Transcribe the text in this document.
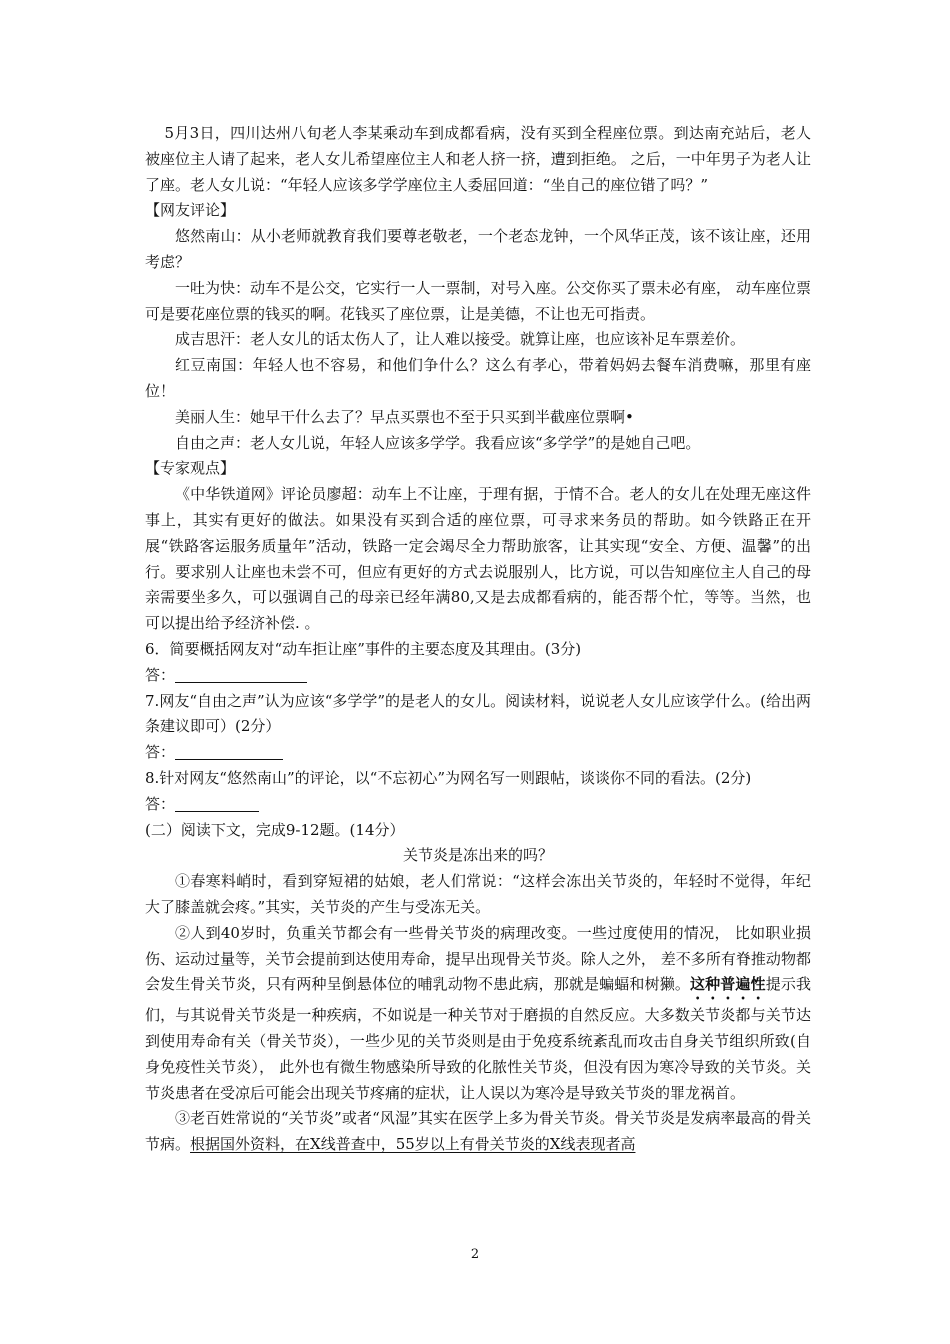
5月3日，四川达州八旬老人李某乘动车到成都看病，没有买到全程座位票。到达南充站后，老人被座位主人请了起来，老人女儿希望座位主人和老人挤一挤，遭到拒绝。 之后，一中年男子为老人让了座。老人女儿说：“年轻人应该多学学座位主人委屈回道：“坐自己的座位错了吗？”

【网友评论】

悠然南山：从小老师就教育我们要尊老敬老，一个老态龙钟，一个风华正茂，该不该让座，还用考虑？

一吐为快：动车不是公交，它实行一人一票制，对号入座。公交你买了票未必有座， 动车座位票可是要花座位票的钱买的啊。花钱买了座位票，让是美德，不让也无可指责。

成吉思汗：老人女儿的话太伤人了，让人难以接受。就算让座，也应该补足车票差价。

红豆南国：年轻人也不容易，和他们争什么？这么有孝心，带着妈妈去餐车消费嘛，那里有座位！

美丽人生：她早干什么去了？早点买票也不至于只买到半截座位票啊•

自由之声：老人女儿说，年轻人应该多学学。我看应该“多学学”的是她自己吧。

【专家观点】

《中华铁道网》评论员廖超：动车上不让座，于理有据，于情不合。老人的女儿在处理无座这件事上，其实有更好的做法。如果没有买到合适的座位票，可寻求来务员的帮助。如今铁路正在开展“铁路客运服务质量年”活动，铁路一定会竭尽全力帮助旅客，让其实现“安全、方便、温馨”的出行。要求别人让座也未尝不可，但应有更好的方式去说服别人，比方说，可以告知座位主人自己的母亲需要坐多久，可以强调自己的母亲已经年满80,又是去成都看病的，能否帮个忙，等等。当然，也可以提出给予经济补偿. 。

6．简要概括网友对“动车拒让座”事件的主要态度及其理由。(3分)

答：

7.网友“自由之声”认为应该“多学学”的是老人的女儿。阅读材料，说说老人女儿应该学什么。(给出两条建议即可）(2分）

答：

8.针对网友“悠然南山”的评论，以“不忘初心”为网名写一则跟帖，谈谈你不同的看法。(2分)

答：

(二）阅读下文，完成9-12题。(14分）

关节炎是冻出来的吗？

①春寒料峭时，看到穿短裙的姑娘，老人们常说：“这样会冻出关节炎的，年轻时不觉得，年纪大了膝盖就会疼。”其实，关节炎的产生与受冻无关。

②人到40岁时，负重关节都会有一些骨关节炎的病理改变。一些过度使用的情况， 比如职业损伤、运动过量等，关节会提前到达使用寿命，提早出现骨关节炎。除人之外， 差不多所有脊推动物都会发生骨关节炎，只有两种呈倒悬体位的哺乳动物不患此病，那就是蝙蝠和树獭。这种普遍性提示我们，与其说骨关节炎是一种疾病，不如说是一种关节对于磨损的自然反应。大多数关节炎都与关节达到使用寿命有关（骨关节炎），一些少见的关节炎则是由于免疫系统紊乱而攻击自身关节组织所致(自身免疫性关节炎）， 此外也有微生物感染所导致的化脓性关节炎，但没有因为寒冷导致的关节炎。关节炎患者在受凉后可能会出现关节疼痛的症状，让人误以为寒冷是导致关节炎的罪龙祸首。

③老百姓常说的“关节炎”或者“风湿”其实在医学上多为骨关节炎。骨关节炎是发病率最高的骨关节病。根据国外资料，在X线普查中，55岁以上有骨关节炎的X线表现者高

2
